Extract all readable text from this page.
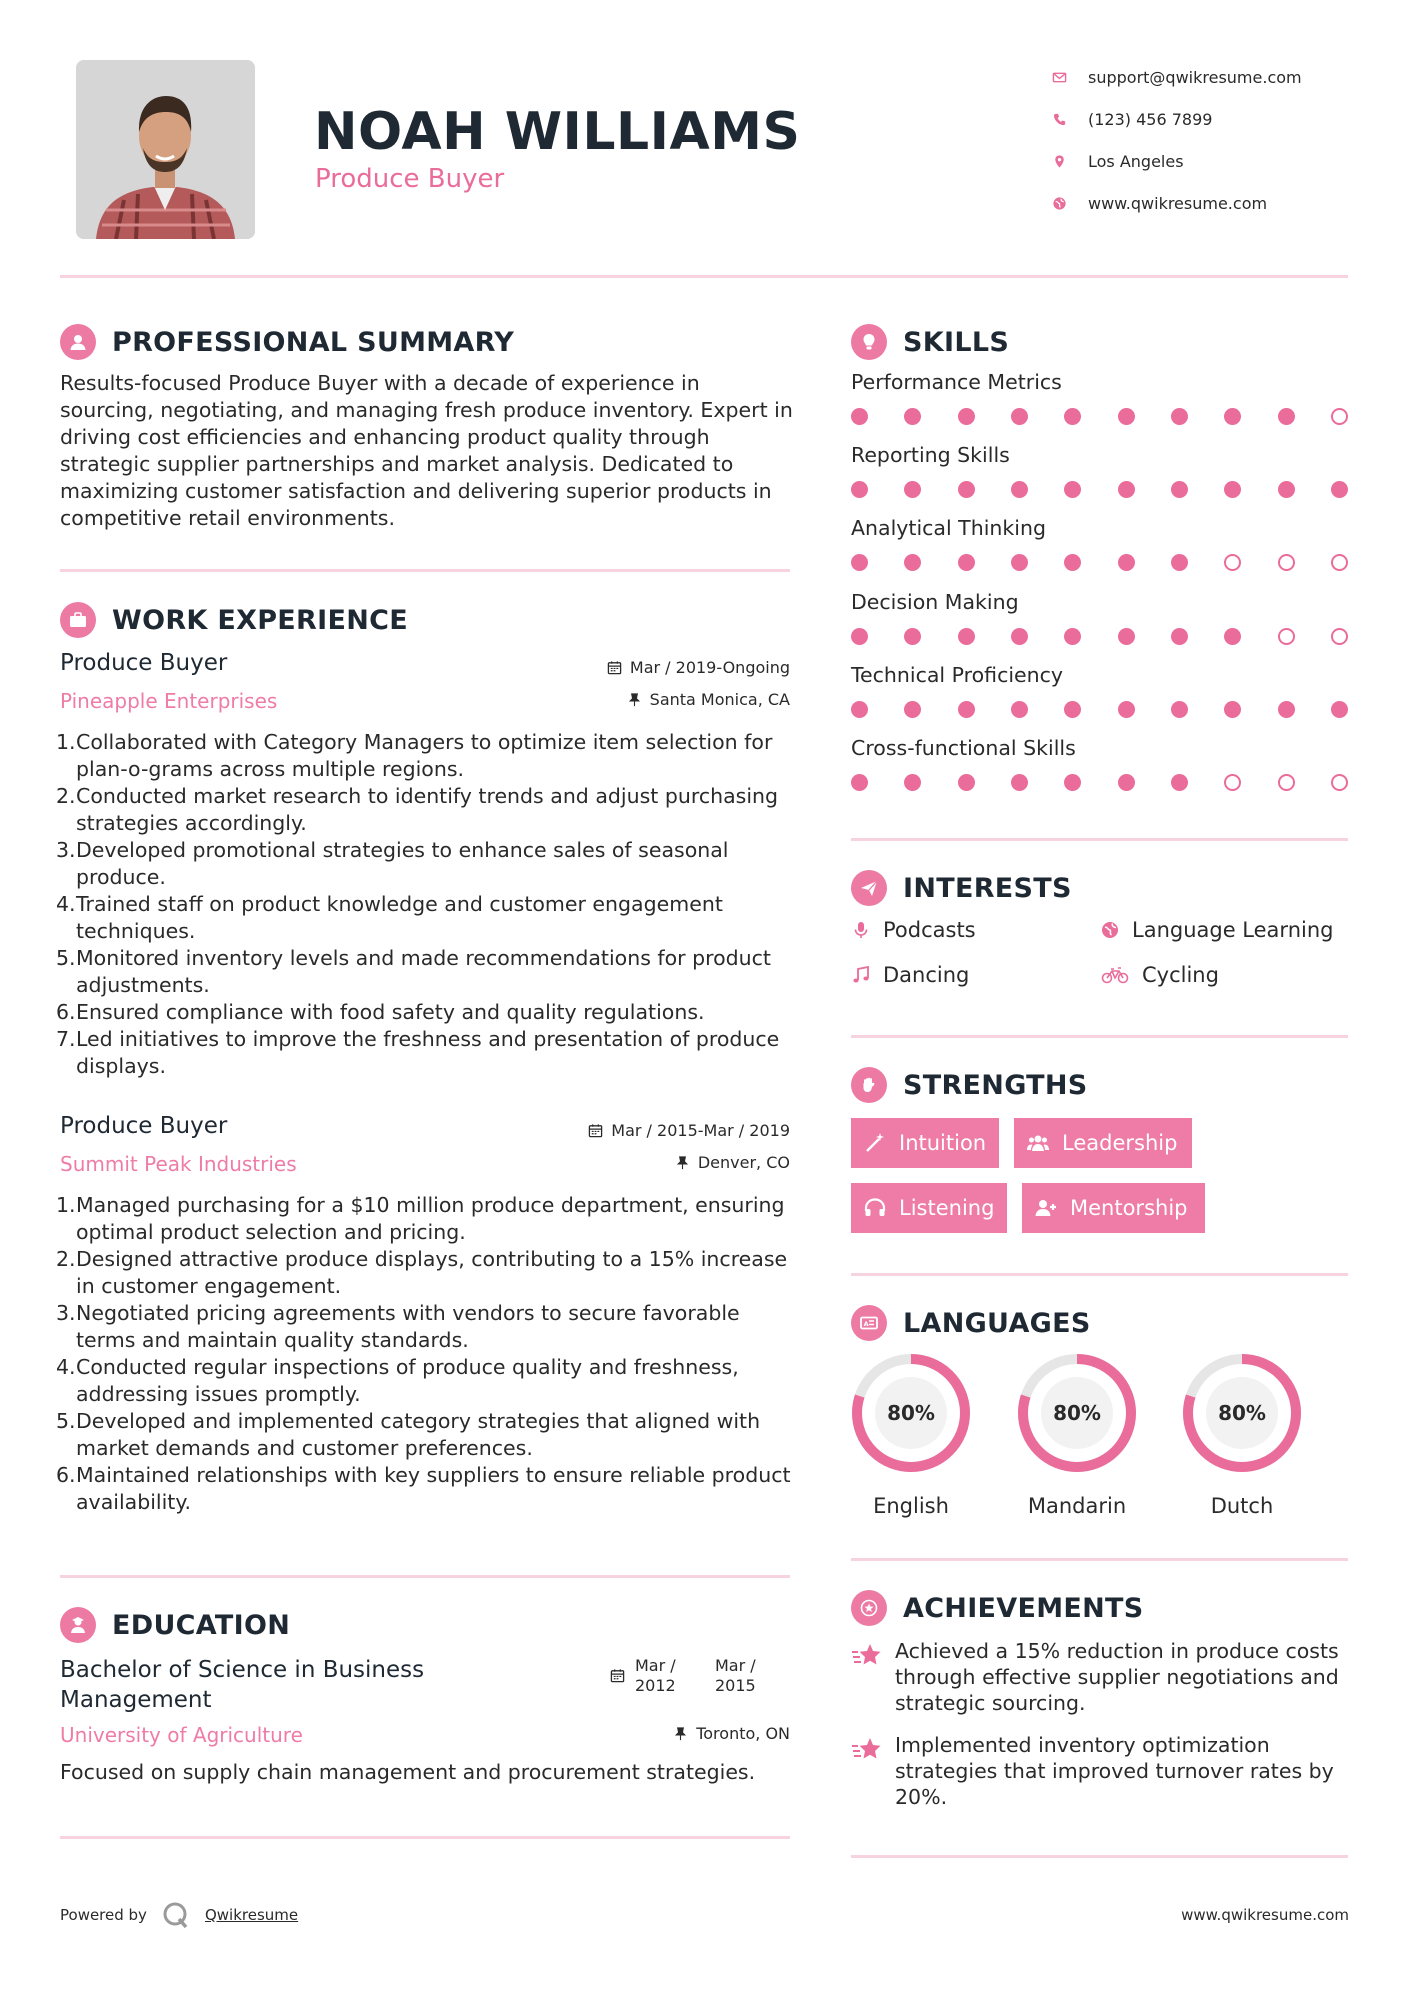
NOAH WILLIAMS
Produce Buyer
support@qwikresume.com
(123) 456 7899
Los Angeles
www.qwikresume.com
PROFESSIONAL SUMMARY
Results-focused Produce Buyer with a decade of experience in sourcing, negotiating, and managing fresh produce inventory. Expert in driving cost efficiencies and enhancing product quality through strategic supplier partnerships and market analysis. Dedicated to maximizing customer satisfaction and delivering superior products in competitive retail environments.
WORK EXPERIENCE
Produce Buyer
Pineapple Enterprises
Mar / 2019-Ongoing
Santa Monica, CA
1. Collaborated with Category Managers to optimize item selection for plan-o-grams across multiple regions.
2. Conducted market research to identify trends and adjust purchasing strategies accordingly.
3. Developed promotional strategies to enhance sales of seasonal produce.
4. Trained staff on product knowledge and customer engagement techniques.
5. Monitored inventory levels and made recommendations for product adjustments.
6. Ensured compliance with food safety and quality regulations.
7. Led initiatives to improve the freshness and presentation of produce displays.
Produce Buyer
Summit Peak Industries
Mar / 2015-Mar / 2019
Denver, CO
1. Managed purchasing for a $10 million produce department, ensuring optimal product selection and pricing.
2. Designed attractive produce displays, contributing to a 15% increase in customer engagement.
3. Negotiated pricing agreements with vendors to secure favorable terms and maintain quality standards.
4. Conducted regular inspections of produce quality and freshness, addressing issues promptly.
5. Developed and implemented category strategies that aligned with market demands and customer preferences.
6. Maintained relationships with key suppliers to ensure reliable product availability.
EDUCATION
Bachelor of Science in Business Management
Mar / 2012
Mar / 2015
University of Agriculture	Toronto, ON
Focused on supply chain management and procurement strategies.
SKILLS
Performance Metrics
Reporting Skills
Analytical Thinking
Decision Making
Technical Proficiency
Cross-functional Skills
INTERESTS
Podcasts	Language Learning
Dancing	Cycling
STRENGTHS
Intuition	Leadership
Listening	Mentorship
A LANGUAGES
80%
English
80%
Mandarin
80%
Dutch
ACHIEVEMENTS
Achieved a 15% reduction in produce costs through effective supplier negotiations and strategic sourcing.
Implemented inventory optimization strategies that improved turnover rates by 20%.
Powered by	Qwikresume	www.qwikresume.com
